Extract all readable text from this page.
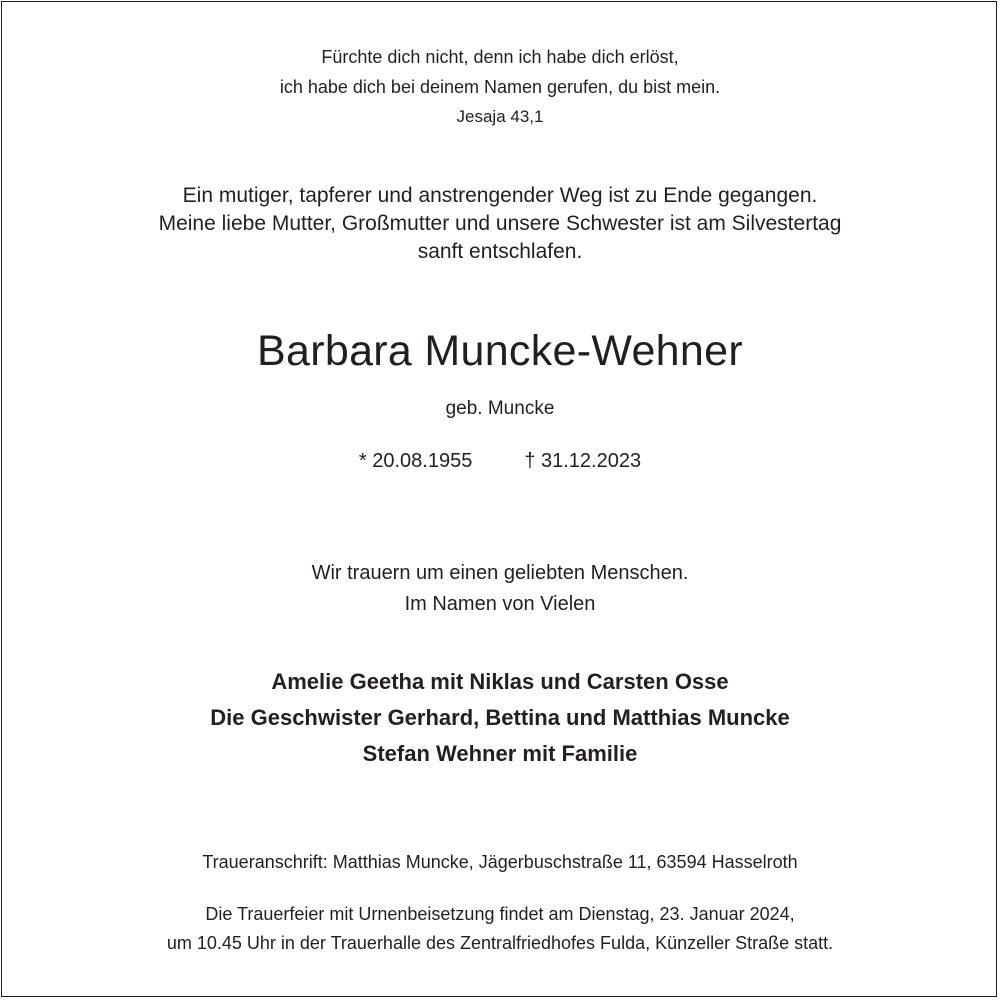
Fürchte dich nicht, denn ich habe dich erlöst,
ich habe dich bei deinem Namen gerufen, du bist mein.
Jesaja 43,1
Ein mutiger, tapferer und anstrengender Weg ist zu Ende gegangen.
Meine liebe Mutter, Großmutter und unsere Schwester ist am Silvestertag
sanft entschlafen.
Barbara Muncke-Wehner
geb. Muncke
* 20.08.1955	† 31.12.2023
Wir trauern um einen geliebten Menschen.
Im Namen von Vielen
Amelie Geetha mit Niklas und Carsten Osse
Die Geschwister Gerhard, Bettina und Matthias Muncke
Stefan Wehner mit Familie
Traueranschrift: Matthias Muncke, Jägerbuschstraße 11, 63594 Hasselroth
Die Trauerfeier mit Urnenbeisetzung findet am Dienstag, 23. Januar 2024,
um 10.45 Uhr in der Trauerhalle des Zentralfriedhofes Fulda, Künzeller Straße statt.
